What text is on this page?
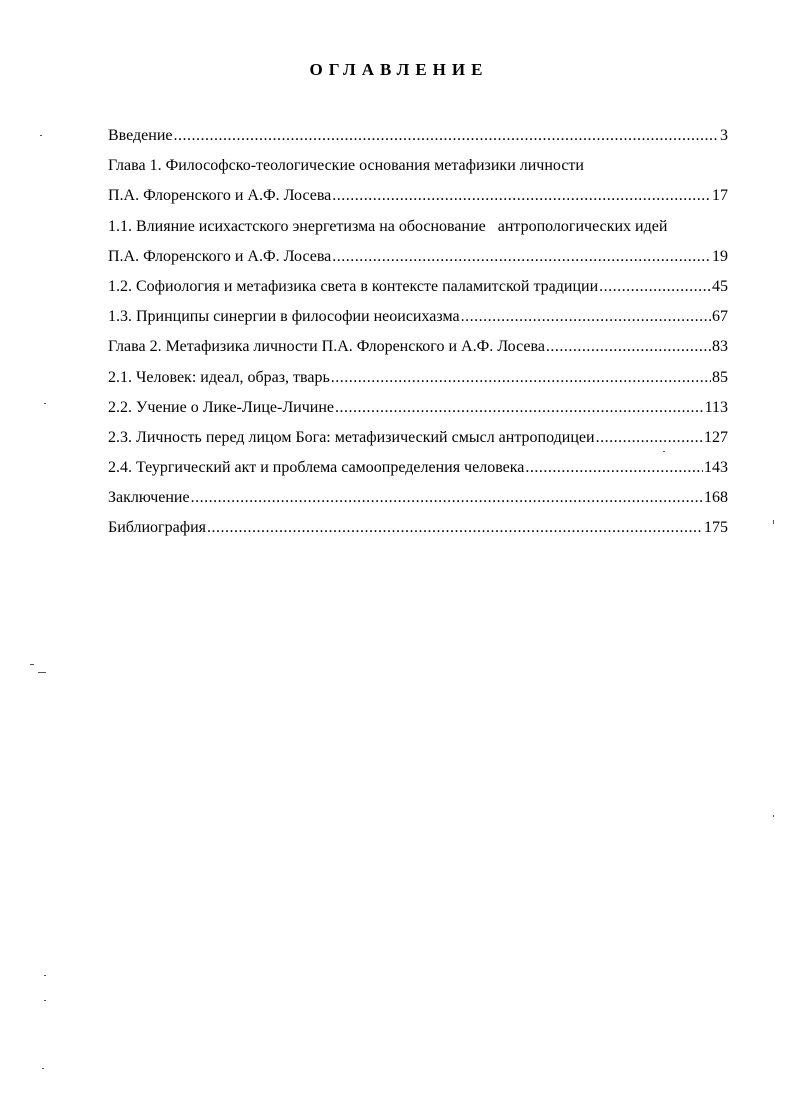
ОГЛАВЛЕНИЕ
Введение .....	3
Глава 1. Философско-теологические основания метафизики личности
П.А. Флоренского и А.Ф. Лосева .....	17
1.1. Влияние исихастского энергетизма на обоснование   антропологических идей
П.А. Флоренского и А.Ф. Лосева .....	19
1.2. Софиология и метафизика света в контексте паламитской традиции .....	45
1.3. Принципы синергии в философии неоисихазма .....	67
Глава 2. Метафизика личности П.А. Флоренского и А.Ф. Лосева .....	83
2.1. Человек: идеал, образ, тварь .....	85
2.2. Учение о Лике-Лице-Личине .....	113
2.3. Личность перед лицом Бога: метафизический смысл антроподицеи .....	127
2.4. Теургический акт и проблема самоопределения человека .....	143
Заключение .....	168
Библиография .....	175
